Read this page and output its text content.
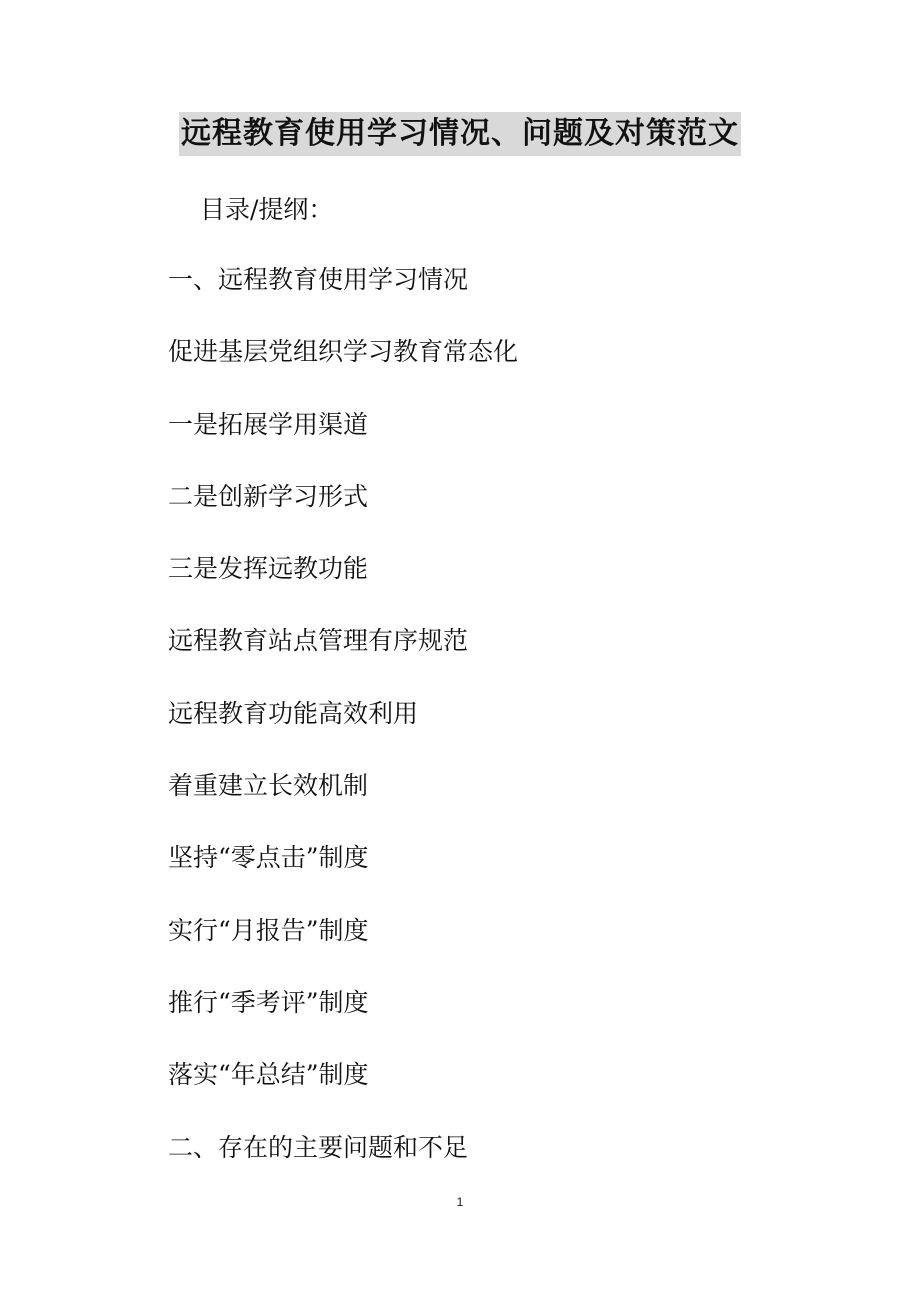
远程教育使用学习情况、问题及对策范文
目录/提纲：
一、远程教育使用学习情况
促进基层党组织学习教育常态化
一是拓展学用渠道
二是创新学习形式
三是发挥远教功能
远程教育站点管理有序规范
远程教育功能高效利用
着重建立长效机制
坚持“零点击”制度
实行“月报告”制度
推行“季考评”制度
落实“年总结”制度
二、存在的主要问题和不足
1
